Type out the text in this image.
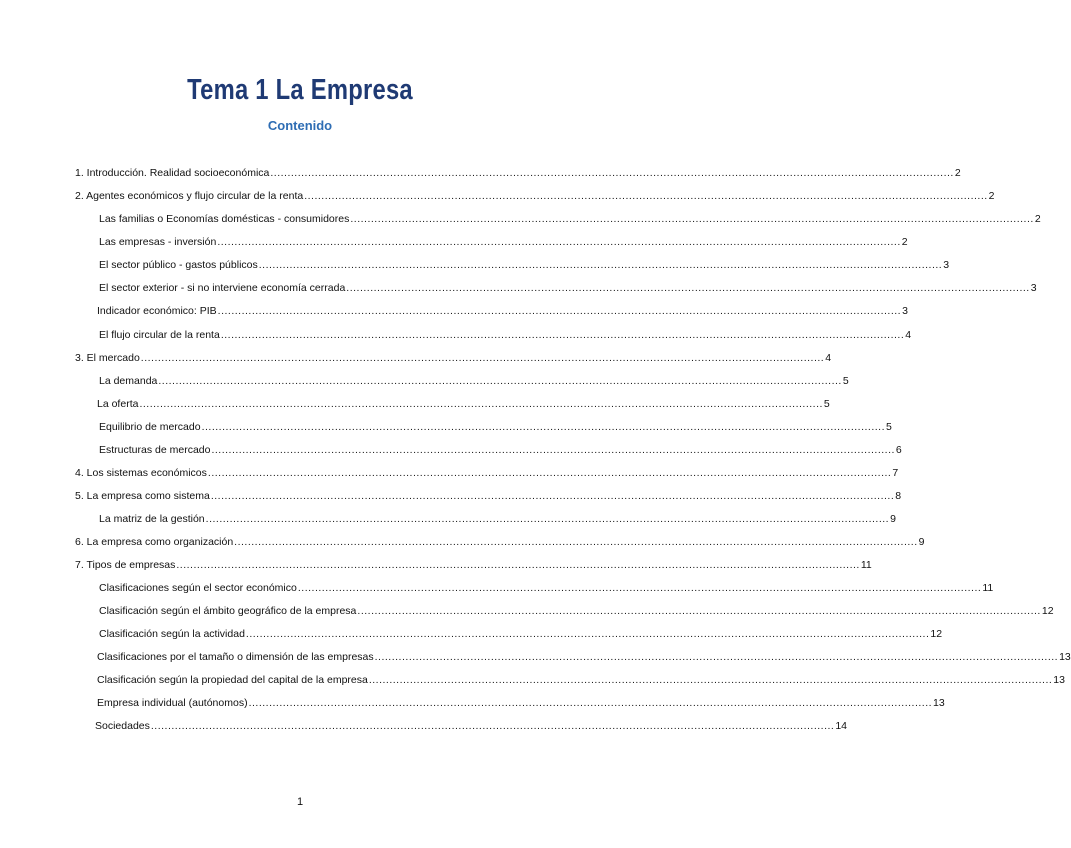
Tema 1 La Empresa
Contenido
1. Introducción. Realidad socioeconómica ........................................................................................................................................................................................................ 2
2. Agentes económicos y flujo circular de la renta ........................................................................................................................................................................................................ 2
Las familias o Economías domésticas - consumidores ........................................................................................................................................................................................................ 2
Las empresas - inversión ........................................................................................................................................................................................................ 2
El sector público - gastos públicos ........................................................................................................................................................................................................ 3
El sector exterior - si no interviene economía cerrada ........................................................................................................................................................................................................ 3
Indicador económico: PIB ........................................................................................................................................................................................................ 3
El flujo circular de la renta ........................................................................................................................................................................................................ 4
3. El mercado ........................................................................................................................................................................................................ 4
La demanda ........................................................................................................................................................................................................ 5
La oferta ........................................................................................................................................................................................................ 5
Equilibrio de mercado ........................................................................................................................................................................................................ 5
Estructuras de mercado ........................................................................................................................................................................................................ 6
4. Los sistemas económicos ........................................................................................................................................................................................................ 7
5. La empresa como sistema ........................................................................................................................................................................................................ 8
La matriz de la gestión ........................................................................................................................................................................................................ 9
6. La empresa como organización ........................................................................................................................................................................................................ 9
7. Tipos de empresas ........................................................................................................................................................................................................ 11
Clasificaciones según el sector económico ........................................................................................................................................................................................................ 11
Clasificación según el ámbito geográfico de la empresa ........................................................................................................................................................................................................ 12
Clasificación según la actividad ........................................................................................................................................................................................................ 12
Clasificaciones por el tamaño o dimensión de las empresas ........................................................................................................................................................................................................ 13
Clasificación según la propiedad del capital de la empresa ........................................................................................................................................................................................................ 13
Empresa individual (autónomos) ........................................................................................................................................................................................................ 13
Sociedades ........................................................................................................................................................................................................ 14
1
